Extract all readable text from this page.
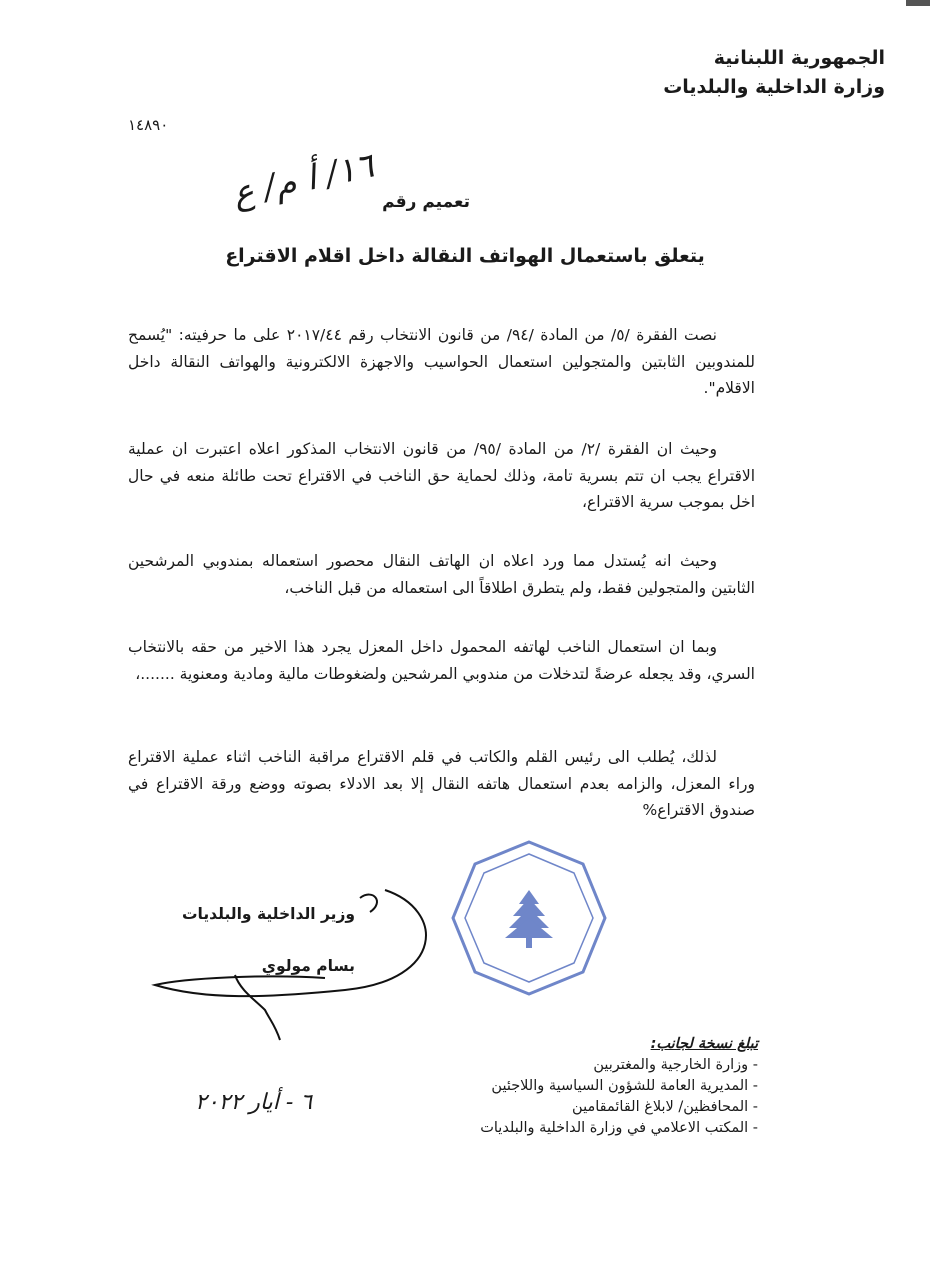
الجمهورية اللبنانية
وزارة الداخلية والبلديات
١٤٨٩٠
تعميم رقم
١٦/ أ م/ ع
يتعلق باستعمال الهواتف النقالة داخل اقلام الاقتراع

نصت الفقرة /٥/ من المادة /٩٤/ من قانون الانتخاب رقم ٢٠١٧/٤٤ على ما حرفيته: "يُسمح للمندوبين الثابتين والمتجولين استعمال الحواسيب والاجهزة الالكترونية والهواتف النقالة داخل الاقلام".

وحيث ان الفقرة /٢/ من المادة /٩٥/ من قانون الانتخاب المذكور اعلاه اعتبرت ان عملية الاقتراع يجب ان تتم بسرية تامة، وذلك لحماية حق الناخب في الاقتراع تحت طائلة منعه في حال اخل بموجب سرية الاقتراع،

وحيث انه يُستدل مما ورد اعلاه ان الهاتف النقال محصور استعماله بمندوبي المرشحين الثابتين والمتجولين فقط، ولم يتطرق اطلاقاً الى استعماله من قبل الناخب،

وبما ان استعمال الناخب لهاتفه المحمول داخل المعزل يجرد هذا الاخير من حقه بالانتخاب السري، وقد يجعله عرضةً لتدخلات من مندوبي المرشحين ولضغوطات مالية ومادية ومعنوية .......،

لذلك، يُطلب الى رئيس القلم والكاتب في قلم الاقتراع مراقبة الناخب اثناء عملية الاقتراع وراء المعزل، والزامه بعدم استعمال هاتفه النقال إلا بعد الادلاء بصوته ووضع ورقة الاقتراع في صندوق الاقتراع%

وزير الداخلية والبلديات
بسام مولوي
٦ - أيار ٢٠٢٢
تبلغ نسخة لجانب:
- وزارة الخارجية والمغتربين
- المديرية العامة للشؤون السياسية واللاجئين
- المحافظين/ لابلاغ القائمقامين
- المكتب الاعلامي في وزارة الداخلية والبلديات
